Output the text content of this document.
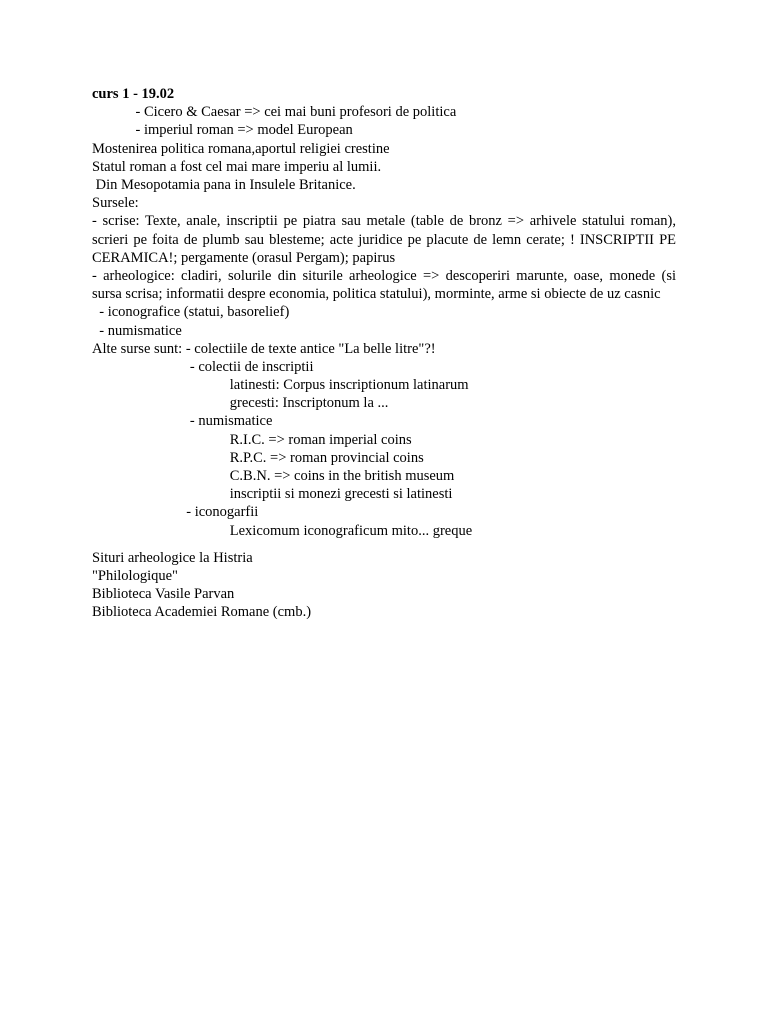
curs 1 - 19.02
- Cicero & Caesar => cei mai buni profesori de politica
- imperiul roman => model European
Mostenirea politica romana,aportul religiei crestine
Statul roman a fost cel mai mare imperiu al lumii.
Din Mesopotamia pana in Insulele Britanice.
Sursele:
- scrise: Texte, anale, inscriptii pe piatra sau metale (table de bronz => arhivele statului roman), scrieri pe foita de plumb sau blesteme; acte juridice pe placute de lemn cerate; ! INSCRIPTII PE CERAMICA!; pergamente (orasul Pergam); papirus
- arheologice: cladiri, solurile din siturile arheologice => descoperiri marunte, oase, monede (si sursa scrisa; informatii despre economia, politica statului), morminte, arme si obiecte de uz casnic
- iconografice (statui, basorelief)
- numismatice
Alte surse sunt: - colectiile de texte antice "La belle litre"?!
- colectii de inscriptii
latinesti: Corpus inscriptionum latinarum
grecesti: Inscriptonum la ...
- numismatice
R.I.C. => roman imperial coins
R.P.C. => roman provincial coins
C.B.N. => coins in the british museum
inscriptii si monezi grecesti si latinesti
- iconogarfii
Lexicomum iconograficum mito... greque
Situri arheologice la Histria
"Philologique"
Biblioteca Vasile Parvan
Biblioteca Academiei Romane (cmb.)
